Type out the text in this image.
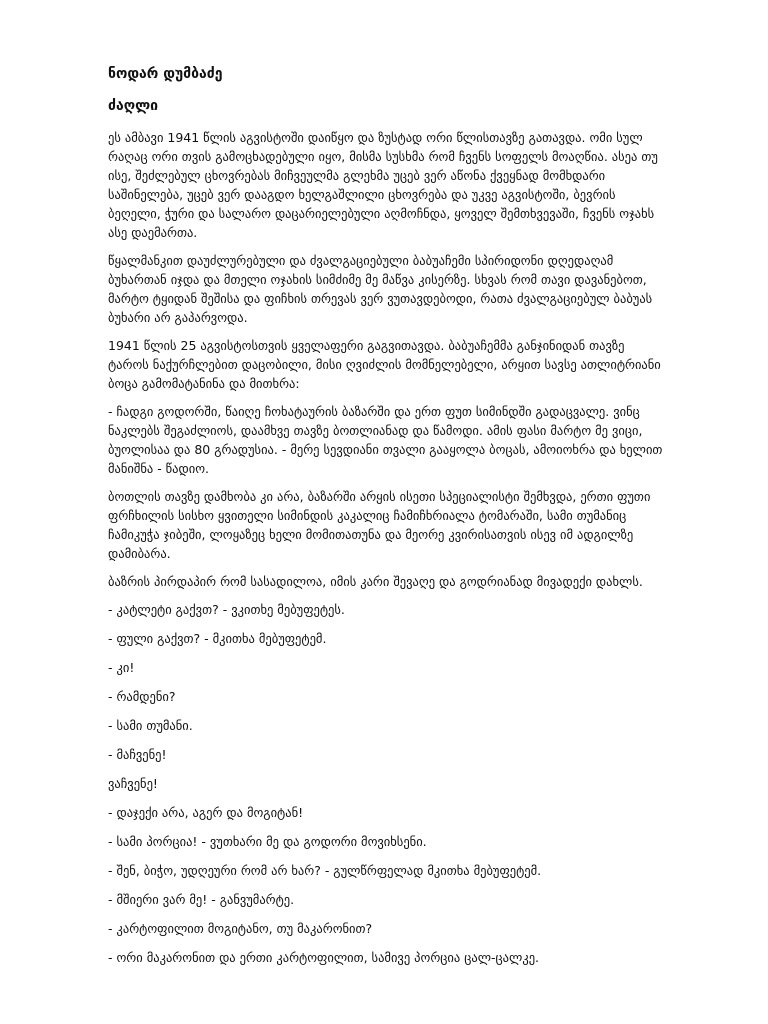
ნოდარ დუმბაძე
ძაღლი

ეს ამბავი 1941 წლის აგვისტოში დაიწყო და ზუსტად ორი წლისთავზე გათავდა. ომი სულ რაღაც ორი თვის გამოცხადებული იყო, მისმა სუსხმა რომ ჩვენს სოფელს მოაღწია. ასეა თუ ისე, შეძლებულ ცხოვრებას მიჩვეულმა გლეხმა უცებ ვერ აწონა ქვეყნად მომხდარი საშინელება, უცებ ვერ დააგდო ხელგაშლილი ცხოვრება და უკვე აგვისტოში, ბევრის ბეღელი, ჭური და სალარო დაცარიელებული აღმოჩნდა, ყოველ შემთხვევაში, ჩვენს ოჯახს ასე დაემართა.

წყალმანკით დაუძლურებული და ძვალგაციებული ბაბუაჩემი სპირიდონი დღედაღამ ბუხართან იჯდა და მთელი ოჯახის სიმძიმე მე მაწვა კისერზე. სხვას რომ თავი დავანებოთ, მარტო ტყიდან შეშისა და ფიჩხის თრევას ვერ ვუთავდებოდი, რათა ძვალგაციებულ ბაბუას ბუხარი არ გაპარვოდა.

1941 წლის 25 აგვისტოსთვის ყველაფერი გაგვითავდა. ბაბუაჩემმა განჯინიდან თავზე ტაროს ნაქურჩლებით დაცობილი, მისი ღვიძლის მომნელებელი, არყით სავსე ათლიტრიანი ბოცა გამომატანინა და მითხრა:

- ჩადგი გოდორში, წაიღე ჩოხატაურის ბაზარში და ერთ ფუთ სიმინდში გადაცვალე. ვინც ნაკლებს შეგაძლიოს, დაამხვე თავზე ბოთლიანად და წამოდი. ამის ფასი მარტო მე ვიცი, ბუოლისაა და 80 გრადუსია. - მერე სევდიანი თვალი გააყოლა ბოცას, ამოიოხრა და ხელით მანიშნა - წადიო.

ბოთლის თავზე დამხობა კი არა, ბაზარში არყის ისეთი სპეციალისტი შემხვდა, ერთი ფუთი ფრჩხილის სისხო ყვითელი სიმინდის კაკალიც ჩამიჩხრიალა ტომარაში, სამი თუმანიც ჩამიკუჭა ჯიბეში, ლოყაზეც ხელი მომითათუნა და მეორე კვირისათვის ისევ იმ ადგილზე დამიბარა.

ბაზრის პირდაპირ რომ სასადილოა, იმის კარი შევაღე და გოდრიანად მივადექი დახლს.

- კატლეტი გაქვთ? - ვკითხე მებუფეტეს.

- ფული გაქვთ? - მკითხა მებუფეტემ.

- კი!

- რამდენი?

- სამი თუმანი.

- მაჩვენე!

ვაჩვენე!

- დაჯექი არა, აგერ და მოგიტან!

- სამი პორცია! - ვუთხარი მე და გოდორი მოვიხსენი.

- შენ, ბიჭო, უდღეური რომ არ ხარ? - გულწრფელად მკითხა მებუფეტემ.

- მშიერი ვარ მე! - განვუმარტე.

- კარტოფილით მოგიტანო, თუ მაკარონით?

- ორი მაკარონით და ერთი კარტოფილით, სამივე პორცია ცალ-ცალკე.
